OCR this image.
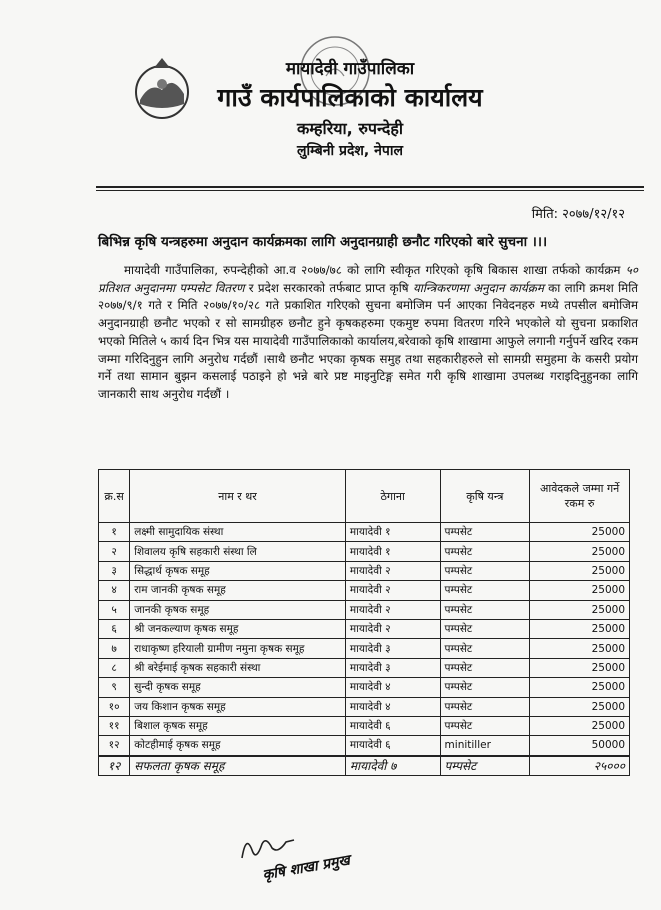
मायादेवी गाउँपालिका
गाउँ कार्यपालिकाको कार्यालय
कम्हरिया, रुपन्देही
लुम्बिनी प्रदेश, नेपाल
मिति: २०७७/१२/१२
बिभिन्न कृषि यन्त्रहरुमा अनुदान कार्यक्रमका लागि अनुदानग्राही छनौट गरिएको बारे सुचना ।।।
मायादेवी गाउँपालिका, रुपन्देहीको आ.व २०७७/७८ को लागि स्वीकृत गरिएको कृषि बिकास शाखा तर्फको कार्यक्रम ५० प्रतिशत अनुदानमा पम्पसेट वितरण र प्रदेश सरकारको तर्फबाट प्राप्त कृषि यान्त्रिकरणमा अनुदान कार्यक्रम का लागि क्रमश मिति २०७७/९/१ गते र मिति २०७७/१०/२८ गते प्रकाशित गरिएको सुचना बमोजिम पर्न आएका निवेदनहरु मध्ये तपसील बमोजिम अनुदानग्राही छनौट भएको र सो सामग्रीहरु छनौट हुने कृषकहरुमा एकमुष्ट रुपमा वितरण गरिने भएकोले यो सुचना प्रकाशित भएको मितिले ५ कार्य दिन भित्र यस मायादेवी गाउँपालिकाको कार्यालय,बरेवाको कृषि शाखामा आफुले लगानी गर्नुपर्ने खरिद रकम जम्मा गरिदिनुहुन लागि अनुरोध गर्दछौं ।साथै छनौट भएका कृषक समुह तथा सहकारीहरुले सो सामग्री समुहमा के कसरी प्रयोग गर्ने तथा सामान बुझन कसलाई पठाइने हो भन्ने बारे प्रष्ट माइनुटिङ्ग समेत गरी कृषि शाखामा उपलब्ध गराइदिनुहुनका लागि जानकारी साथ अनुरोध गर्दछौं ।
क्र.स	नाम र थर	ठेगाना	कृषि यन्त्र	आवेदकले जम्मा गर्ने रकम रु
१	लक्ष्मी सामुदायिक संस्था	मायादेवी १	पम्पसेट	25000
२	शिवालय कृषि सहकारी संस्था लि	मायादेवी १	पम्पसेट	25000
३	सिद्धार्थ कृषक समूह	मायादेवी २	पम्पसेट	25000
४	राम जानकी कृषक समूह	मायादेवी २	पम्पसेट	25000
५	जानकी कृषक समूह	मायादेवी २	पम्पसेट	25000
६	श्री जनकल्याण कृषक समूह	मायादेवी २	पम्पसेट	25000
७	राधाकृष्ण हरियाली ग्रामीण नमुना कृषक समूह	मायादेवी ३	पम्पसेट	25000
८	श्री बरेईमाई कृषक सहकारी संस्था	मायादेवी ३	पम्पसेट	25000
९	सुन्दी कृषक समूह	मायादेवी ४	पम्पसेट	25000
१०	जय किशान कृषक समूह	मायादेवी ४	पम्पसेट	25000
११	बिशाल कृषक समूह	मायादेवी ६	पम्पसेट	25000
१२	कोटहीमाई कृषक समूह	मायादेवी ६	minitiller	50000
१२	सफलता कृषक समूह	मायादेवी ७	पम्पसेट	२५०००
कृषि शाखा प्रमुख
